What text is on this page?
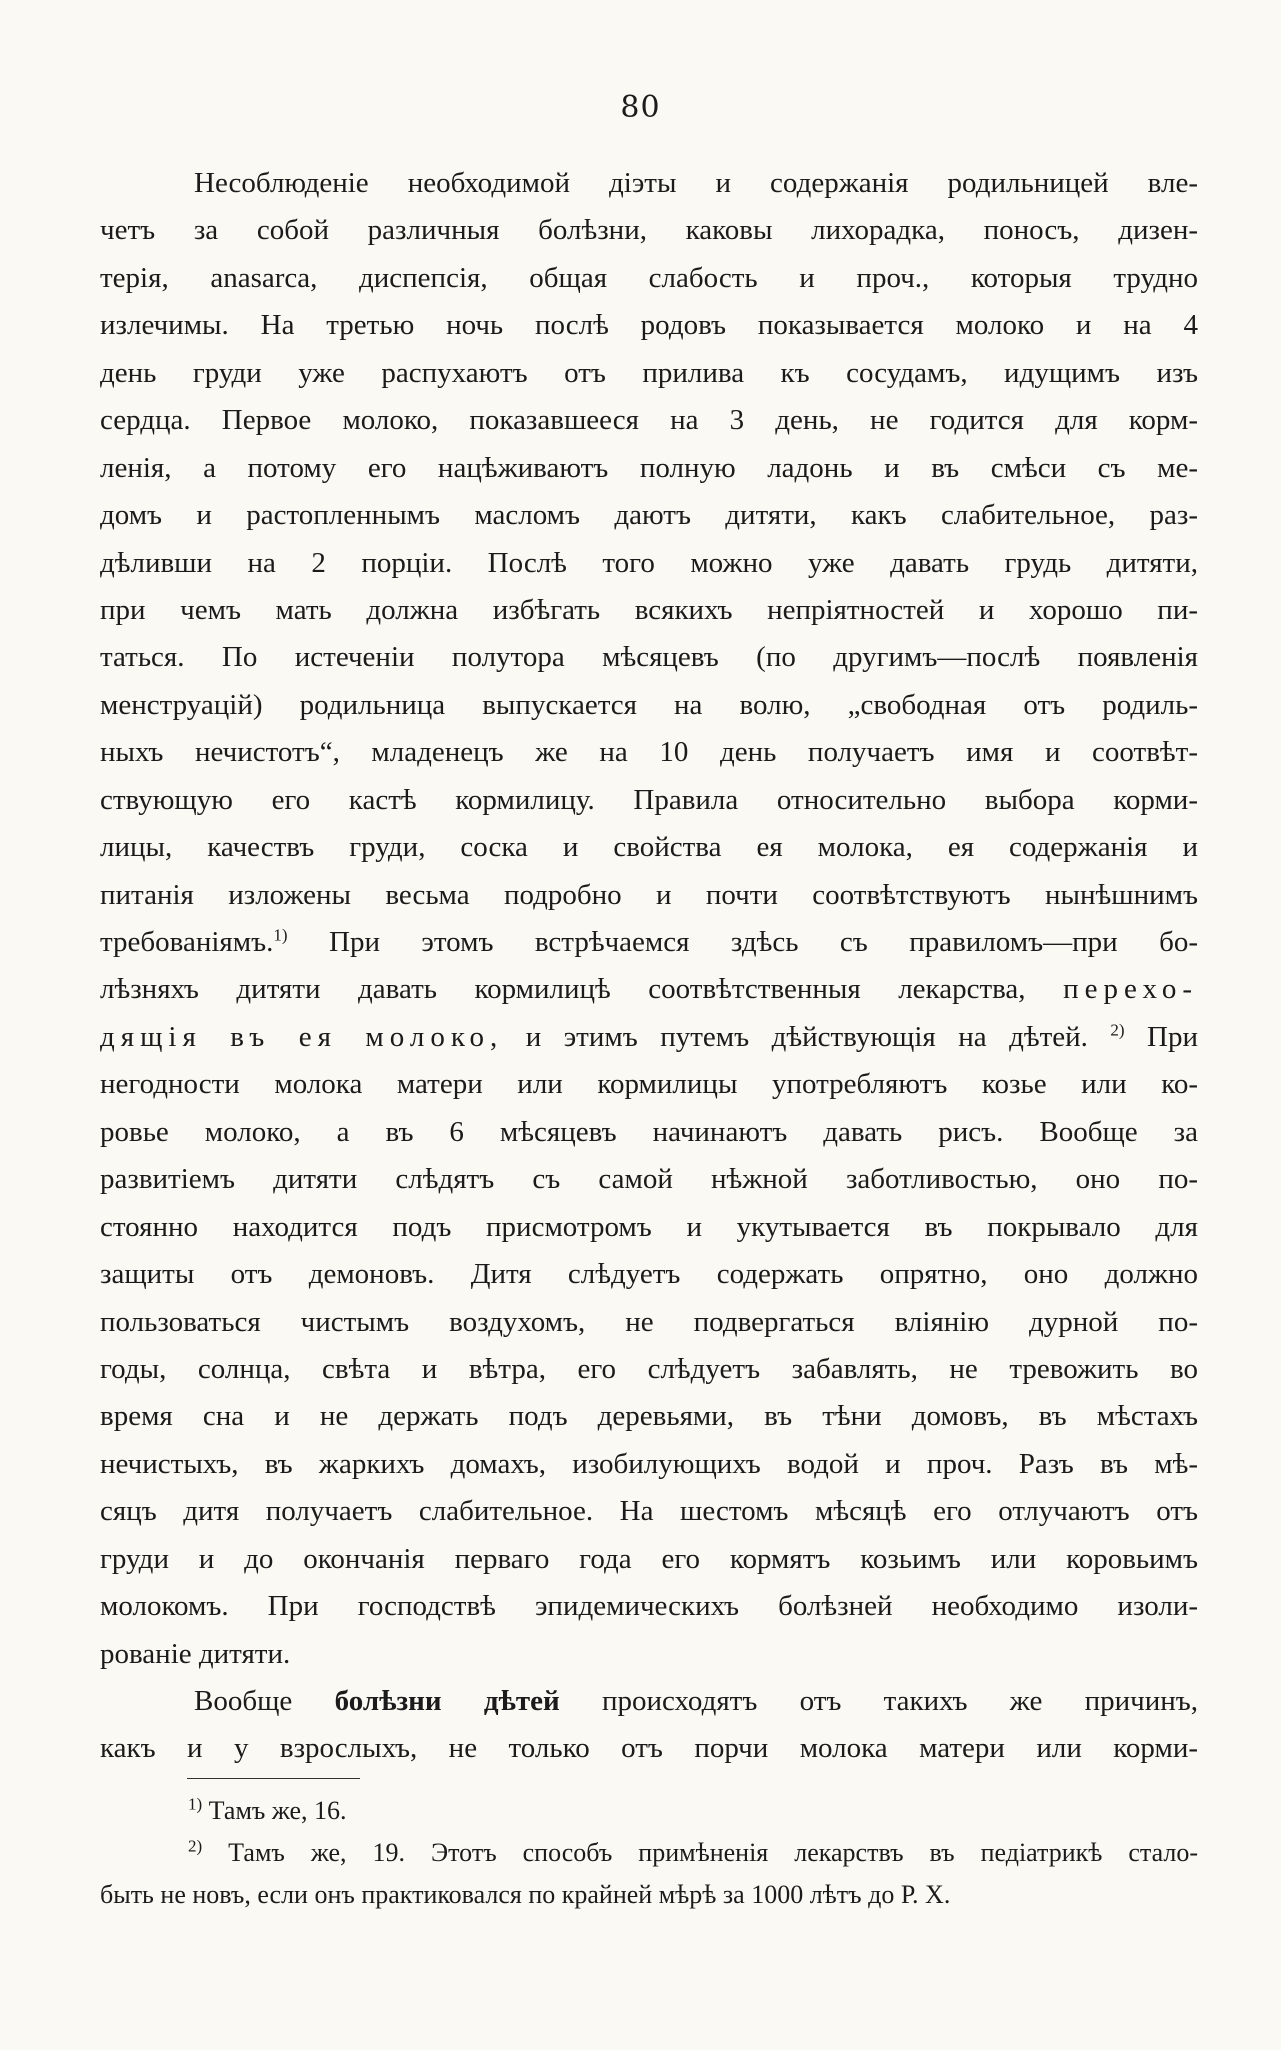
80
Несоблюденіе необходимой діэты и содержанія родильницей вле-
четъ за собой различныя болѣзни, каковы лихорадка, поносъ, дизен-
терія, anasarca, диспепсія, общая слабость и проч., которыя трудно
излечимы. На третью ночь послѣ родовъ показывается молоко и на 4
день груди уже распухаютъ отъ прилива къ сосудамъ, идущимъ изъ
сердца. Первое молоко, показавшееся на 3 день, не годится для корм-
ленія, а потому его нацѣживаютъ полную ладонь и въ смѣси съ ме-
домъ и растопленнымъ масломъ даютъ дитяти, какъ слабительное, раз-
дѣливши на 2 порціи. Послѣ того можно уже давать грудь дитяти,
при чемъ мать должна избѣгать всякихъ непріятностей и хорошо пи-
таться. По истеченіи полутора мѣсяцевъ (по другимъ—послѣ появленія
менструацій) родильница выпускается на волю, „свободная отъ родиль-
ныхъ нечистотъ“, младенецъ же на 10 день получаетъ имя и соотвѣт-
ствующую его кастѣ кормилицу. Правила относительно выбора корми-
лицы, качествъ груди, соска и свойства ея молока, ея содержанія и
питанія изложены весьма подробно и почти соотвѣтствуютъ нынѣшнимъ
требованіямъ.$^{1)}$ При этомъ встрѣчаемся здѣсь съ правиломъ—при бо-
лѣзняхъ дитяти давать кормилицѣ соотвѣтственныя лекарства, перехо-
дящія въ ея молоко, и этимъ путемъ дѣйствующія на дѣтей. $^{2)}$ При
негодности молока матери или кормилицы употребляютъ козье или ко-
ровье молоко, а въ 6 мѣсяцевъ начинаютъ давать рисъ. Вообще за
развитіемъ дитяти слѣдятъ съ самой нѣжной заботливостью, оно по-
стоянно находится подъ присмотромъ и укутывается въ покрывало для
защиты отъ демоновъ. Дитя слѣдуетъ содержать опрятно, оно должно
пользоваться чистымъ воздухомъ, не подвергаться вліянію дурной по-
годы, солнца, свѣта и вѣтра, его слѣдуетъ забавлять, не тревожить во
время сна и не держать подъ деревьями, въ тѣни домовъ, въ мѣстахъ
нечистыхъ, въ жаркихъ домахъ, изобилующихъ водой и проч. Разъ въ мѣ-
сяцъ дитя получаетъ слабительное. На шестомъ мѣсяцѣ его отлучаютъ отъ
груди и до окончанія перваго года его кормятъ козьимъ или коровьимъ
молокомъ. При господствѣ эпидемическихъ болѣзней необходимо изоли-
рованіе дитяти.
Вообще болѣзни дѣтей происходятъ отъ такихъ же причинъ,
какъ и у взрослыхъ, не только отъ порчи молока матери или корми-
$^{1)}$ Тамъ же, 16.
$^{2)}$ Тамъ же, 19. Этотъ способъ примѣненія лекарствъ въ педіатрикѣ стало-
быть не новъ, если онъ практиковался по крайней мѣрѣ за 1000 лѣтъ до Р. Х.
